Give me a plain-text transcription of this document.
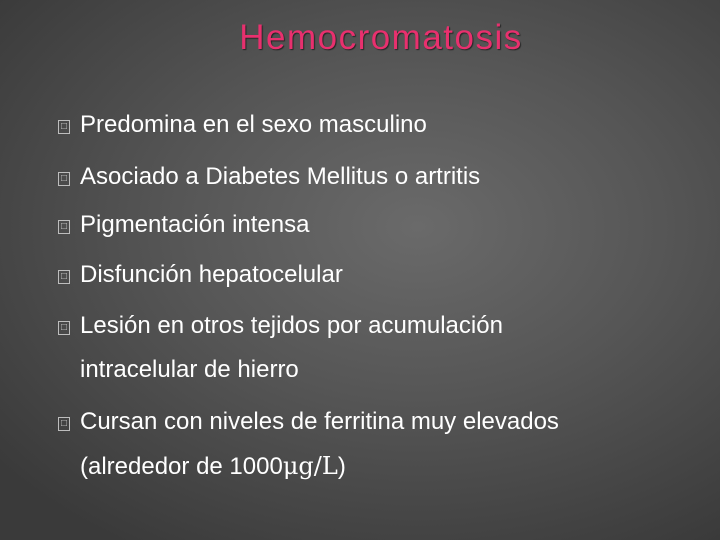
Hemocromatosis
□ Predomina en el sexo masculino
□ Asociado a Diabetes Mellitus o artritis
□ Pigmentación intensa
□ Disfunción hepatocelular
□ Lesión en otros tejidos por acumulación
intracelular de hierro
□ Cursan con niveles de ferritina muy elevados
(alrededor de 1000μg/L)
